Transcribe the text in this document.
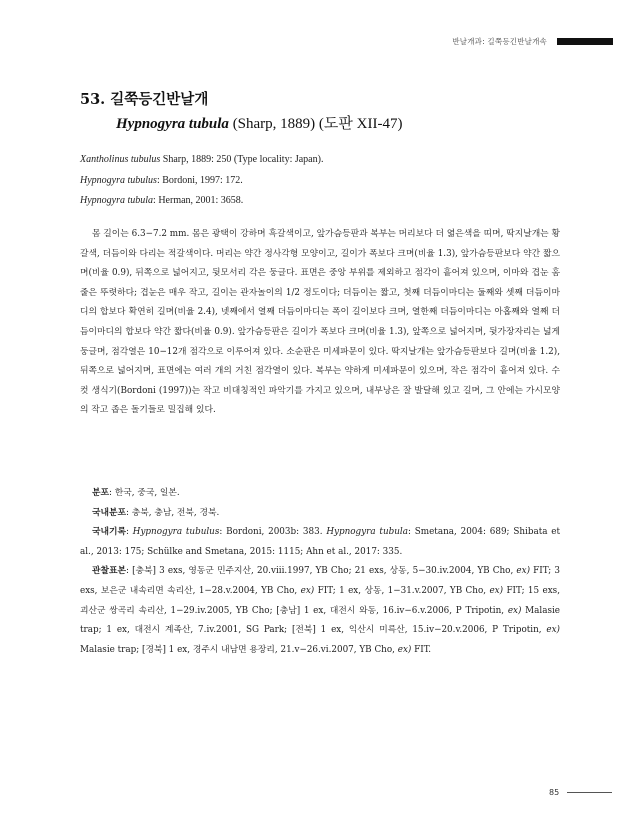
반날개과: 길쭉등긴반날개속
53. 길쭉등긴반날개
Hypnogyra tubula (Sharp, 1889) (도판 XII-47)

Xantholinus tubulus Sharp, 1889: 250 (Type locality: Japan).

Hypnogyra tubulus: Bordoni, 1997: 172.

Hypnogyra tubula: Herman, 2001: 3658.

몸 길이는 6.3−7.2 mm. 몸은 광택이 강하며 흑갈색이고, 앞가슴등판과 복부는 머리보다 더 엷은색을 띠며, 딱지날개는 황갈색, 더듬이와 다리는 적갈색이다. 머리는 약간 정사각형 모양이고, 길이가 폭보다 크며(비율 1.3), 앞가슴등판보다 약간 짧으며(비율 0.9), 뒤쪽으로 넓어지고, 뒷모서리 각은 둥글다. 표면은 중앙 부위를 제외하고 점각이 흩어져 있으며, 이마와 겹눈 홈줄은 뚜렷하다; 겹눈은 매우 작고, 길이는 관자놀이의 1/2 정도이다; 더듬이는 짧고, 첫째 더듬이마디는 둘째와 셋째 더듬이마디의 합보다 확연히 길며(비율 2.4), 넷째에서 열째 더듬이마디는 폭이 길이보다 크며, 열한째 더듬이마디는 아홉째와 열째 더듬이마디의 합보다 약간 짧다(비율 0.9). 앞가슴등판은 길이가 폭보다 크며(비율 1.3), 앞쪽으로 넓어지며, 뒷가장자리는 넓게 둥글며, 점각열은 10−12개 점각으로 이루어져 있다. 소순판은 미세파문이 있다. 딱지날개는 앞가슴등판보다 길며(비율 1.2), 뒤쪽으로 넓어지며, 표면에는 여러 개의 거친 점각열이 있다. 복부는 약하게 미세파문이 있으며, 작은 점각이 흩어져 있다. 수컷 생식기(Bordoni (1997))는 작고 비대칭적인 파악기를 가지고 있으며, 내부낭은 잘 발달해 있고 길며, 그 안에는 가시모양의 작고 좁은 돌기들로 밀집해 있다.

분포: 한국, 중국, 일본.

국내분포: 충북, 충남, 전북, 경북.

국내기록: Hypnogyra tubulus: Bordoni, 2003b: 383. Hypnogyra tubula: Smetana, 2004: 689; Shibata et al., 2013: 175; Schülke and Smetana, 2015: 1115; Ahn et al., 2017: 335.

관찰표본: [충북] 3 exs, 영동군 민주지산, 20.viii.1997, YB Cho; 21 exs, 상동, 5−30.iv.2004, YB Cho, ex) FIT; 3 exs, 보은군 내속리면 속리산, 1−28.v.2004, YB Cho, ex) FIT; 1 ex, 상동, 1−31.v.2007, YB Cho, ex) FIT; 15 exs, 괴산군 쌍곡리 속리산, 1−29.iv.2005, YB Cho; [충남] 1 ex, 대전시 와동, 16.iv−6.v.2006, P Tripotin, ex) Malasie trap; 1 ex, 대전시 계족산, 7.iv.2001, SG Park; [전북] 1 ex, 익산시 미륵산, 15.iv−20.v.2006, P Tripotin, ex) Malasie trap; [경북] 1 ex, 경주시 내남면 용장리, 21.v−26.vi.2007, YB Cho, ex) FIT.

85
